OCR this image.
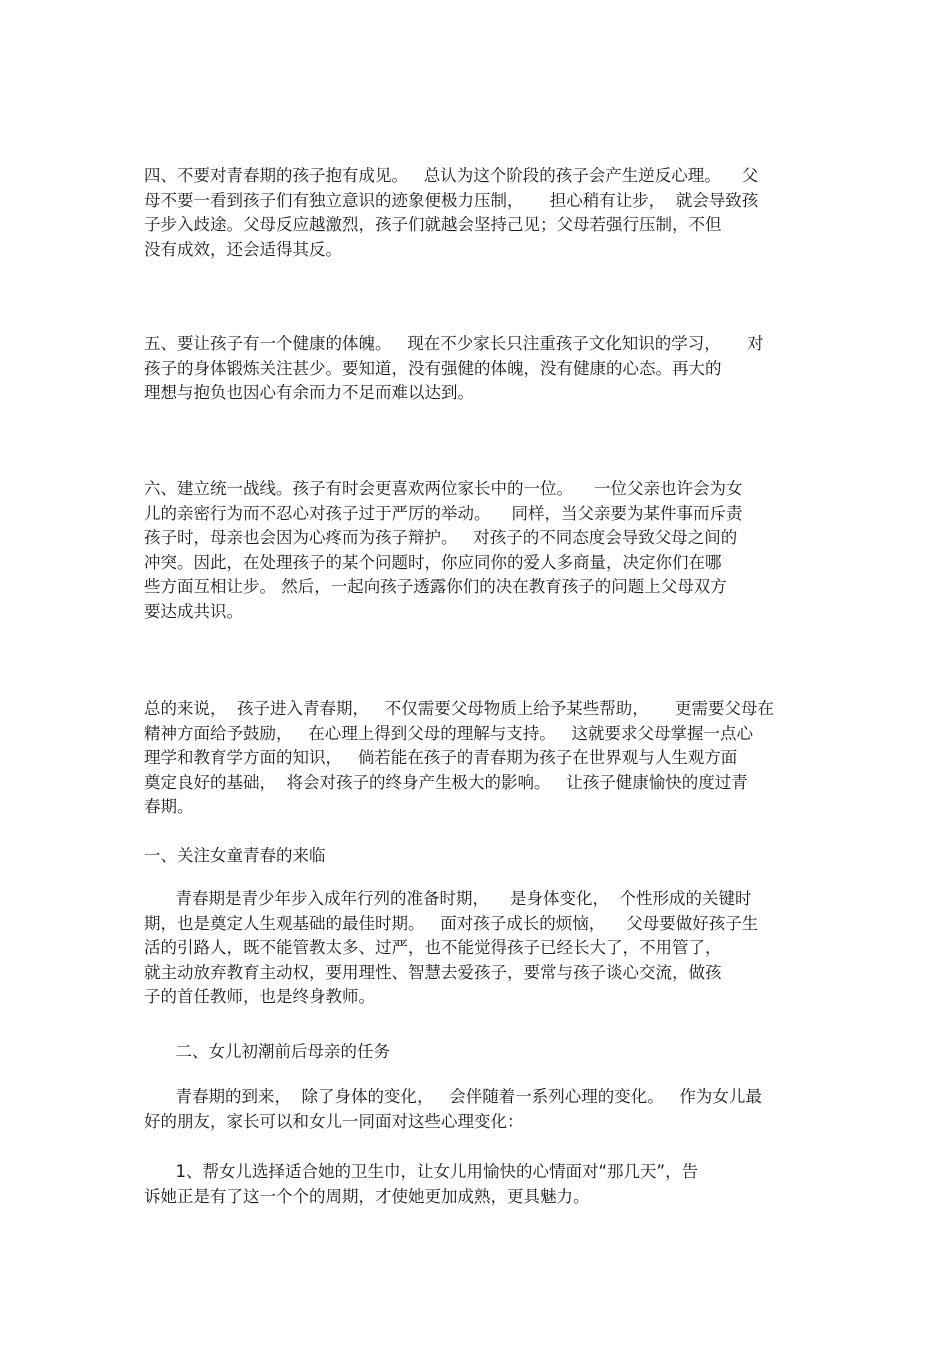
四、不要对青春期的孩子抱有成见。   总认为这个阶段的孩子会产生逆反心理。    父
母不要一看到孩子们有独立意识的迹象便极力压制，     担心稍有让步，  就会导致孩
子步入歧途。父母反应越激烈，孩子们就越会坚持己见；父母若强行压制，不但
没有成效，还会适得其反。
五、要让孩子有一个健康的体魄。   现在不少家长只注重孩子文化知识的学习，     对
孩子的身体锻炼关注甚少。要知道，没有强健的体魄，没有健康的心态。再大的
理想与抱负也因心有余而力不足而难以达到。
六、建立统一战线。孩子有时会更喜欢两位家长中的一位。    一位父亲也许会为女
儿的亲密行为而不忍心对孩子过于严厉的举动。    同样，当父亲要为某件事而斥责
孩子时，母亲也会因为心疼而为孩子辩护。   对孩子的不同态度会导致父母之间的
冲突。因此，在处理孩子的某个问题时，你应同你的爱人多商量，决定你们在哪
些方面互相让步。 然后，一起向孩子透露你们的决在教育孩子的问题上父母双方
要达成共识。
总的来说，  孩子进入青春期，   不仅需要父母物质上给予某些帮助，     更需要父母在
精神方面给予鼓励，   在心理上得到父母的理解与支持。   这就要求父母掌握一点心
理学和教育学方面的知识，   倘若能在孩子的青春期为孩子在世界观与人生观方面
奠定良好的基础，  将会对孩子的终身产生极大的影响。   让孩子健康愉快的度过青
春期。
一、关注女童青春的来临
青春期是青少年步入成年行列的准备时期，    是身体变化，  个性形成的关键时
期，也是奠定人生观基础的最佳时期。   面对孩子成长的烦恼，    父母要做好孩子生
活的引路人，既不能管教太多、过严，也不能觉得孩子已经长大了，不用管了，
就主动放弃教育主动权，要用理性、智慧去爱孩子，要常与孩子谈心交流，做孩
子的首任教师，也是终身教师。
二、女儿初潮前后母亲的任务
青春期的到来，  除了身体的变化，   会伴随着一系列心理的变化。   作为女儿最
好的朋友，家长可以和女儿一同面对这些心理变化：
1、帮女儿选择适合她的卫生巾，让女儿用愉快的心情面对“那几天”，告
诉她正是有了这一个个的周期，才使她更加成熟，更具魅力。
